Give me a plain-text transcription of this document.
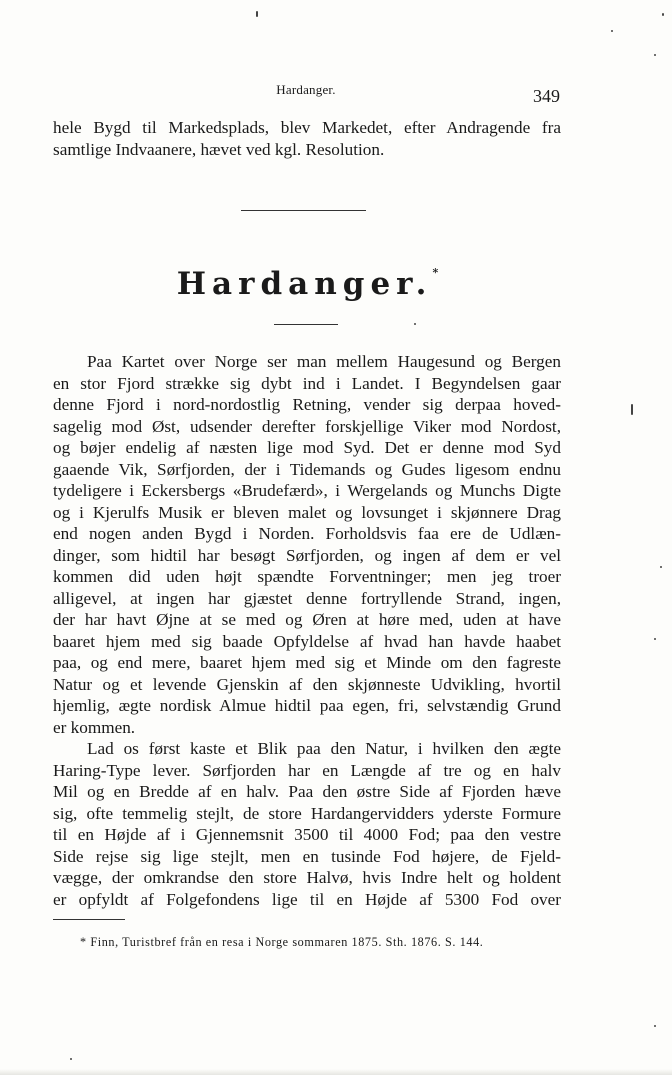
Hardanger.	349
hele Bygd til Markedsplads, blev Markedet, efter Andragende fra
samtlige Indvaanere, hævet ved kgl. Resolution.
Hardanger.*
Paa Kartet over Norge ser man mellem Haugesund og Bergen
en stor Fjord strække sig dybt ind i Landet. I Begyndelsen gaar
denne Fjord i nord-nordostlig Retning, vender sig derpaa hoved-
sagelig mod Øst, udsender derefter forskjellige Viker mod Nordost,
og bøjer endelig af næsten lige mod Syd. Det er denne mod Syd
gaaende Vik, Sørfjorden, der i Tidemands og Gudes ligesom endnu
tydeligere i Eckersbergs «Brudefærd», i Wergelands og Munchs Digte
og i Kjerulfs Musik er bleven malet og lovsunget i skjønnere Drag
end nogen anden Bygd i Norden. Forholdsvis faa ere de Udlæn-
dinger, som hidtil har besøgt Sørfjorden, og ingen af dem er vel
kommen did uden højt spændte Forventninger; men jeg troer
alligevel, at ingen har gjæstet denne fortryllende Strand, ingen,
der har havt Øjne at se med og Øren at høre med, uden at have
baaret hjem med sig baade Opfyldelse af hvad han havde haabet
paa, og end mere, baaret hjem med sig et Minde om den fagreste
Natur og et levende Gjenskin af den skjønneste Udvikling, hvortil
hjemlig, ægte nordisk Almue hidtil paa egen, fri, selvstændig Grund
er kommen.
Lad os først kaste et Blik paa den Natur, i hvilken den ægte
Haring-Type lever. Sørfjorden har en Længde af tre og en halv
Mil og en Bredde af en halv. Paa den østre Side af Fjorden hæve
sig, ofte temmelig stejlt, de store Hardangervidders yderste Formure
til en Højde af i Gjennemsnit 3500 til 4000 Fod; paa den vestre
Side rejse sig lige stejlt, men en tusinde Fod højere, de Fjeld-
vægge, der omkrandse den store Halvø, hvis Indre helt og holdent
er opfyldt af Folgefondens lige til en Højde af 5300 Fod over
* Finn, Turistbref från en resa i Norge sommaren 1875. Sth. 1876. S. 144.
